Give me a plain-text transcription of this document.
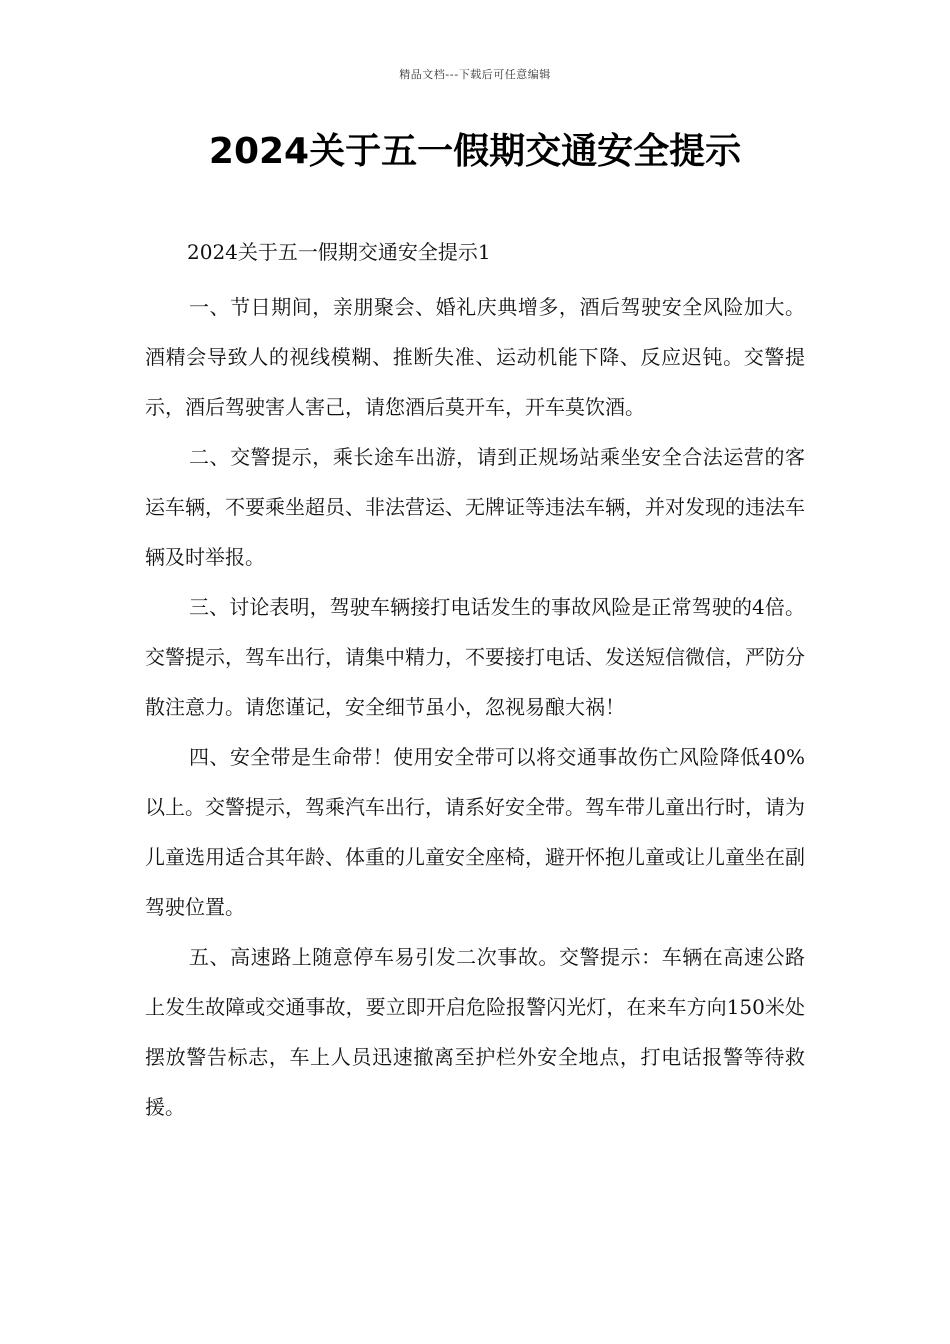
精品文档---下载后可任意编辑
2024关于五一假期交通安全提示

2024关于五一假期交通安全提示1

一、节日期间，亲朋聚会、婚礼庆典增多，酒后驾驶安全风险加大。酒精会导致人的视线模糊、推断失准、运动机能下降、反应迟钝。交警提示，酒后驾驶害人害己，请您酒后莫开车，开车莫饮酒。

二、交警提示，乘长途车出游，请到正规场站乘坐安全合法运营的客运车辆，不要乘坐超员、非法营运、无牌证等违法车辆，并对发现的违法车辆及时举报。

三、讨论表明，驾驶车辆接打电话发生的事故风险是正常驾驶的4倍。交警提示，驾车出行，请集中精力，不要接打电话、发送短信微信，严防分散注意力。请您谨记，安全细节虽小，忽视易酿大祸！

四、安全带是生命带！使用安全带可以将交通事故伤亡风险降低40%以上。交警提示，驾乘汽车出行，请系好安全带。驾车带儿童出行时，请为儿童选用适合其年龄、体重的儿童安全座椅，避开怀抱儿童或让儿童坐在副驾驶位置。

五、高速路上随意停车易引发二次事故。交警提示：车辆在高速公路上发生故障或交通事故，要立即开启危险报警闪光灯，在来车方向150米处摆放警告标志，车上人员迅速撤离至护栏外安全地点，打电话报警等待救援。
